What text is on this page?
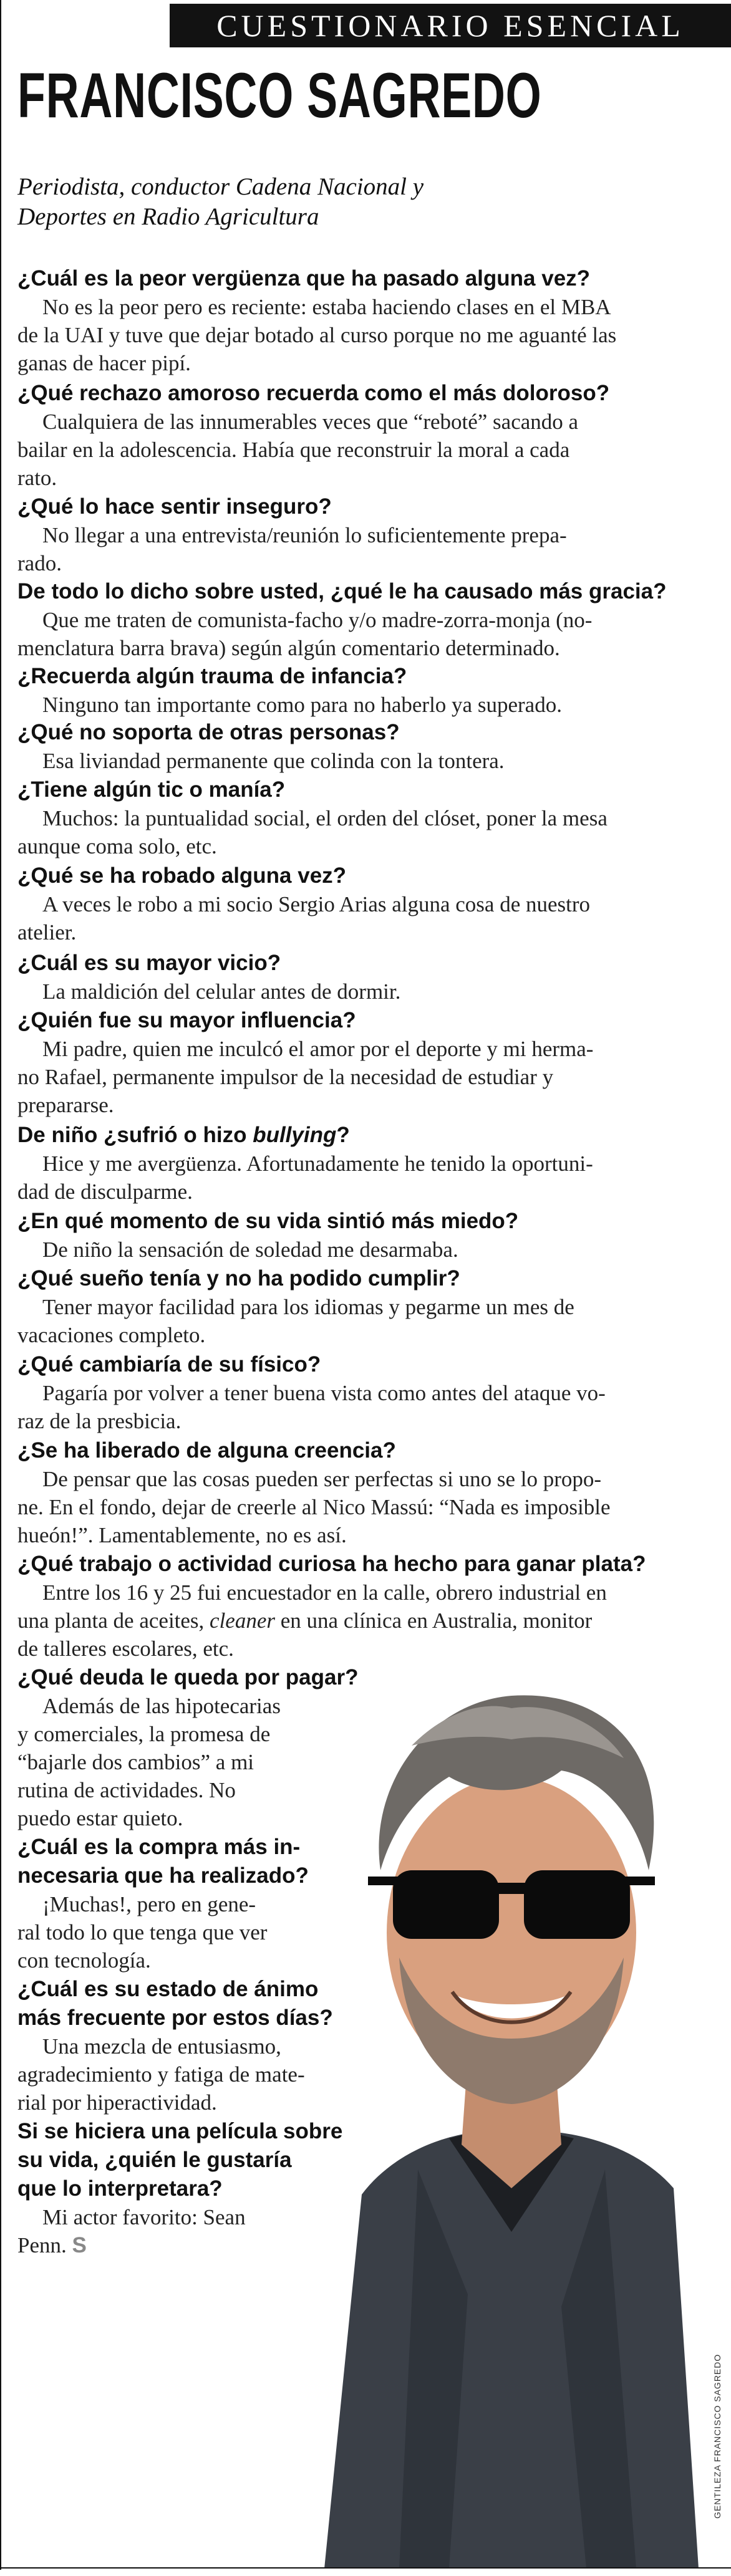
CUESTIONARIO ESENCIAL
FRANCISCO SAGREDO
Periodista, conductor Cadena Nacional y
Deportes en Radio Agricultura
¿Cuál es la peor vergüenza que ha pasado alguna vez?
No es la peor pero es reciente: estaba haciendo clases en el MBA
de la UAI y tuve que dejar botado al curso porque no me aguanté las
ganas de hacer pipí.
¿Qué rechazo amoroso recuerda como el más doloroso?
Cualquiera de las innumerables veces que “reboté” sacando a
bailar en la adolescencia. Había que reconstruir la moral a cada
rato.
¿Qué lo hace sentir inseguro?
No llegar a una entrevista/reunión lo suficientemente prepa-
rado.
De todo lo dicho sobre usted, ¿qué le ha causado más gracia?
Que me traten de comunista-facho y/o madre-zorra-monja (no-
menclatura barra brava) según algún comentario determinado.
¿Recuerda algún trauma de infancia?
Ninguno tan importante como para no haberlo ya superado.
¿Qué no soporta de otras personas?
Esa liviandad permanente que colinda con la tontera.
¿Tiene algún tic o manía?
Muchos: la puntualidad social, el orden del clóset, poner la mesa
aunque coma solo, etc.
¿Qué se ha robado alguna vez?
A veces le robo a mi socio Sergio Arias alguna cosa de nuestro
atelier.
¿Cuál es su mayor vicio?
La maldición del celular antes de dormir.
¿Quién fue su mayor influencia?
Mi padre, quien me inculcó el amor por el deporte y mi herma-
no Rafael, permanente impulsor de la necesidad de estudiar y
prepararse.
De niño ¿sufrió o hizo bullying?
Hice y me avergüenza. Afortunadamente he tenido la oportuni-
dad de disculparme.
¿En qué momento de su vida sintió más miedo?
De niño la sensación de soledad me desarmaba.
¿Qué sueño tenía y no ha podido cumplir?
Tener mayor facilidad para los idiomas y pegarme un mes de
vacaciones completo.
¿Qué cambiaría de su físico?
Pagaría por volver a tener buena vista como antes del ataque vo-
raz de la presbicia.
¿Se ha liberado de alguna creencia?
De pensar que las cosas pueden ser perfectas si uno se lo propo-
ne. En el fondo, dejar de creerle al Nico Massú: “Nada es imposible
hueón!”. Lamentablemente, no es así.
¿Qué trabajo o actividad curiosa ha hecho para ganar plata?
Entre los 16 y 25 fui encuestador en la calle, obrero industrial en
una planta de aceites, cleaner en una clínica en Australia, monitor
de talleres escolares, etc.
¿Qué deuda le queda por pagar?
Además de las hipotecarias
y comerciales, la promesa de
“bajarle dos cambios” a mi
rutina de actividades. No
puedo estar quieto.
¿Cuál es la compra más in-
necesaria que ha realizado?
¡Muchas!, pero en gene-
ral todo lo que tenga que ver
con tecnología.
¿Cuál es su estado de ánimo
más frecuente por estos días?
Una mezcla de entusiasmo,
agradecimiento y fatiga de mate-
rial por hiperactividad.
Si se hiciera una película sobre
su vida, ¿quién le gustaría
que lo interpretara?
Mi actor favorito: Sean
Penn. S
GENTILEZA FRANCISCO SAGREDO
